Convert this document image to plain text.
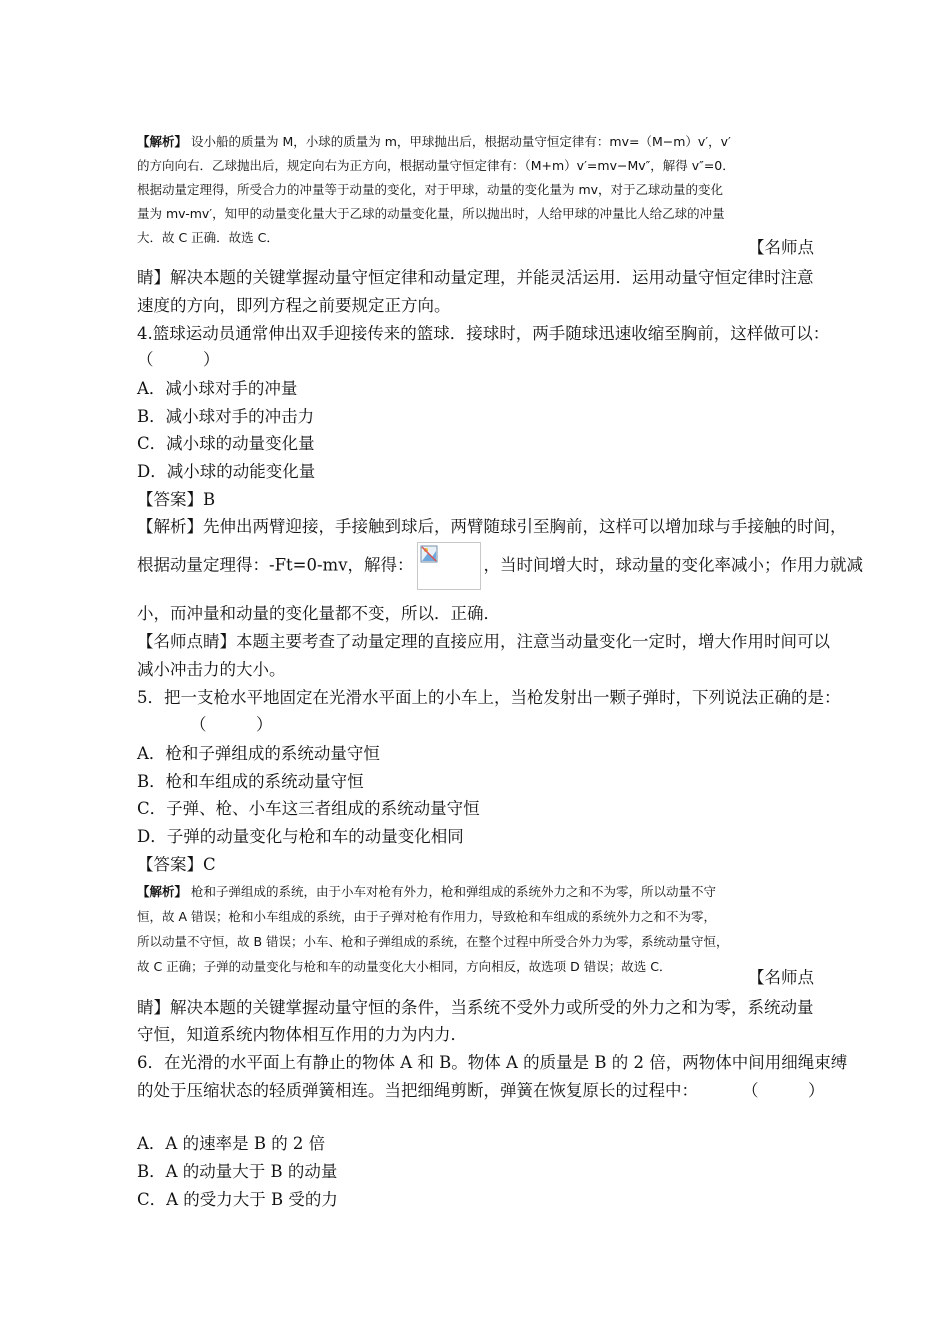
【解析】 设小船的质量为 M，小球的质量为 m，甲球抛出后，根据动量守恒定律有：mv=（M−m）v′，v′
的方向向右．乙球抛出后，规定向右为正方向，根据动量守恒定律有：（M+m）v′=mv−Mv″，解得 v″=0．
根据动量定理得，所受合力的冲量等于动量的变化，对于甲球，动量的变化量为 mv，对于乙球动量的变化
量为 mv-mv′，知甲的动量变化量大于乙球的动量变化量，所以抛出时，人给甲球的冲量比人给乙球的冲量
大．故 C 正确．故选 C．
【名师点
睛】解决本题的关键掌握动量守恒定律和动量定理，并能灵活运用．运用动量守恒定律时注意
速度的方向，即列方程之前要规定正方向。
4.篮球运动员通常伸出双手迎接传来的篮球．接球时，两手随球迅速收缩至胸前，这样做可以：
（　　　）
A．减小球对手的冲量
B．减小球对手的冲击力
C．减小球的动量变化量
D．减小球的动能变化量
【答案】B
【解析】先伸出两臂迎接，手接触到球后，两臂随球引至胸前，这样可以增加球与手接触的时间，
根据动量定理得：-Ft=0-mv，解得：	，当时间增大时，球动量的变化率减小；作用力就减
小，而冲量和动量的变化量都不变，所以．正确．
【名师点睛】本题主要考查了动量定理的直接应用，注意当动量变化一定时，增大作用时间可以
减小冲击力的大小。
5．把一支枪水平地固定在光滑水平面上的小车上，当枪发射出一颗子弹时，下列说法正确的是：
（　　　）
A．枪和子弹组成的系统动量守恒
B．枪和车组成的系统动量守恒
C．子弹、枪、小车这三者组成的系统动量守恒
D．子弹的动量变化与枪和车的动量变化相同
【答案】C
【解析】 枪和子弹组成的系统，由于小车对枪有外力，枪和弹组成的系统外力之和不为零，所以动量不守
恒，故 A 错误；枪和小车组成的系统，由于子弹对枪有作用力，导致枪和车组成的系统外力之和不为零，
所以动量不守恒，故 B 错误；小车、枪和子弹组成的系统，在整个过程中所受合外力为零，系统动量守恒，
故 C 正确；子弹的动量变化与枪和车的动量变化大小相同，方向相反，故选项 D 错误；故选 C．
【名师点
睛】解决本题的关键掌握动量守恒的条件，当系统不受外力或所受的外力之和为零，系统动量
守恒，知道系统内物体相互作用的力为内力．
6．在光滑的水平面上有静止的物体 A 和 B。物体 A 的质量是 B 的 2 倍，两物体中间用细绳束缚
的处于压缩状态的轻质弹簧相连。当把细绳剪断，弹簧在恢复原长的过程中：	（　　　）
A．A 的速率是 B 的 2 倍
B．A 的动量大于 B 的动量
C．A 的受力大于 B 受的力
